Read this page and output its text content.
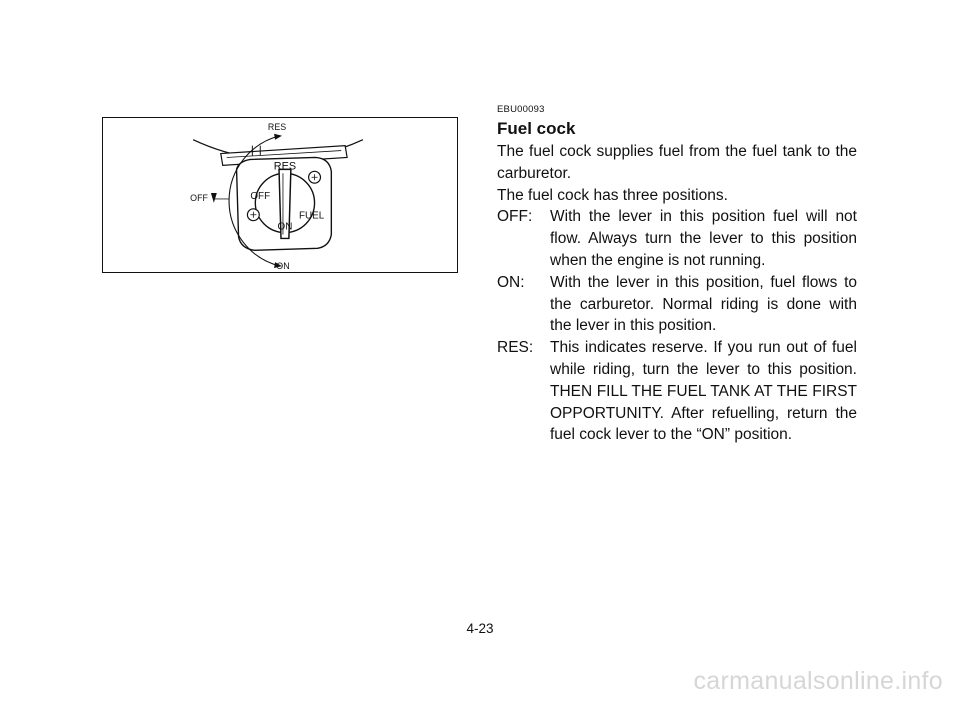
RES
OFF
ON
RES
OFF
ON
FUEL
EBU00093
Fuel cock

The fuel cock supplies fuel from the fuel tank to the carburetor.

The fuel cock has three positions.

OFF:	With the lever in this position fuel will not flow. Always turn the lever to this position when the engine is not running.
ON:	With the lever in this position, fuel flows to the carburetor. Normal riding is done with the lever in this position.
RES:	This indicates reserve. If you run out of fuel while riding, turn the lever to this position. THEN FILL THE FUEL TANK AT THE FIRST OPPORTUNITY. After refuelling, return the fuel cock lever to the “ON” position.
4-23
carmanualsonline.info
